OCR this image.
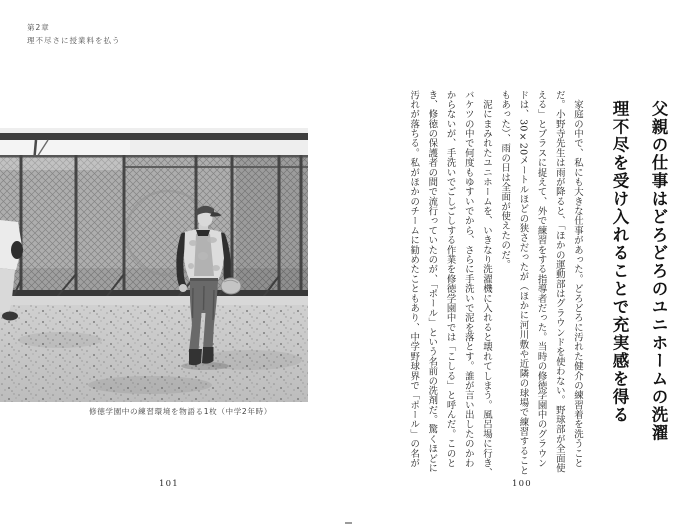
第2章
理不尽さに授業料を払う
修徳学園中の練習環境を物語る1枚（中学2年時）	父親の仕事はどろどろのユニホームの洗濯
理不尽を受け入れることで充実感を得る
　家庭の中で、私にも大きな仕事があった。どろどろに汚れた健介の練習着を洗うこと
だ。小野寺先生は雨が降ると、「ほかの運動部はグラウンドを使わない。野球部が全面使
える」とプラスに捉えて、外で練習をする指導者だった。当時の修徳学園中のグラウン
ドは、30×20メートルほどの狭さだったが（ほかに河川敷や近隣の球場で練習すること
もあった）、雨の日は全面が使えたのだ。
　泥にまみれたユニホームを、いきなり洗濯機に入れると壊れてしまう。風呂場に行き、
バケツの中で何度もゆすいでから、さらに手洗いで泥を落とす。誰が言い出したのかわ
からないが、手洗いでごしごしする作業を修徳学園中では「こしる」と呼んだ。このと
き、修徳の保護者の間で流行っていたのが、「ポール」という名前の洗剤だ。驚くほどに
汚れが落ちる。私がほかのチームに勧めたこともあり、中学野球界で「ポール」の名が
101	100
